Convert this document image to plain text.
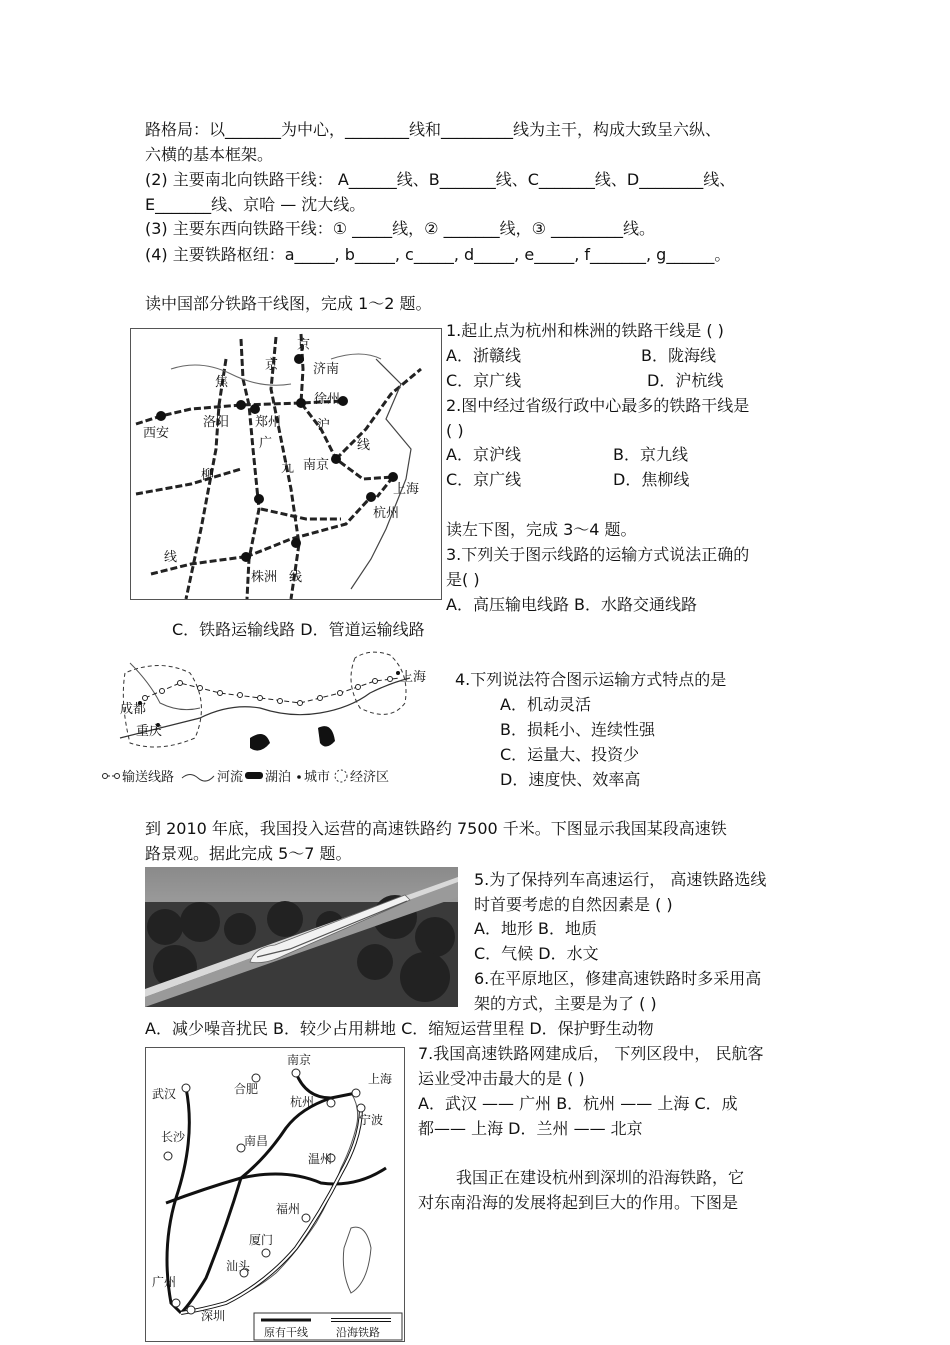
路格局：以_______为中心，________线和_________线为主干，构成大致呈六纵、
六横的基本框架。
(2) 主要南北向铁路干线： A______线、B_______线、C_______线、D________线、
E_______线、京哈 — 沈大线。
(3) 主要东西向铁路干线：① _____线，② _______线，③ _________线。
(4) 主要铁路枢纽：a_____, b_____, c_____, d_____, e_____, f_______, g______。
读中国部分铁路干线图，完成 1～2 题。
京
济南
焦
京
徐州
西安
洛阳 郑州	沪
广	线
九 南京
柳
上海
杭州
线
株洲 线
1.起止点为杭州和株洲的铁路干线是 ( )
A．浙赣线	B．陇海线
C．京广线	D．沪杭线
2.图中经过省级行政中心最多的铁路干线是
( )
A．京沪线	B．京九线
C．京广线	D．焦柳线
读左下图，完成 3～4 题。
3.下列关于图示线路的运输方式说法正确的
是( )
A．高压输电线路 B．水路交通线路
C．铁路运输线路 D．管道运输线路
成都
重庆
上海
输送线路	河流 湖泊 城市 经济区
4.下列说法符合图示运输方式特点的是
A．机动灵活
B．损耗小、连续性强
C．运量大、投资少
D．速度快、效率高
到 2010 年底，我国投入运营的高速铁路约 7500 千米。下图显示我国某段高速铁
路景观。据此完成 5～7 题。
5.为了保持列车高速运行， 高速铁路选线
时首要考虑的自然因素是 ( )
A．地形 B．地质
C．气候 D．水文
6.在平原地区，修建高速铁路时多采用高
架的方式，主要是为了 ( )
A．减少噪音扰民 B．较少占用耕地 C．缩短运营里程 D．保护野生动物
南京
合肥
武汉
上海
杭州
宁波
长沙	南昌
温州
福州
厦门
汕头
广州
深圳
原有干线	沿海铁路
7.我国高速铁路网建成后， 下列区段中， 民航客
运业受冲击最大的是 ( )
A．武汉 —— 广州 B．杭州 —— 上海 C．成
都—— 上海 D．兰州 —— 北京
我国正在建设杭州到深圳的沿海铁路，它
对东南沿海的发展将起到巨大的作用。下图是
